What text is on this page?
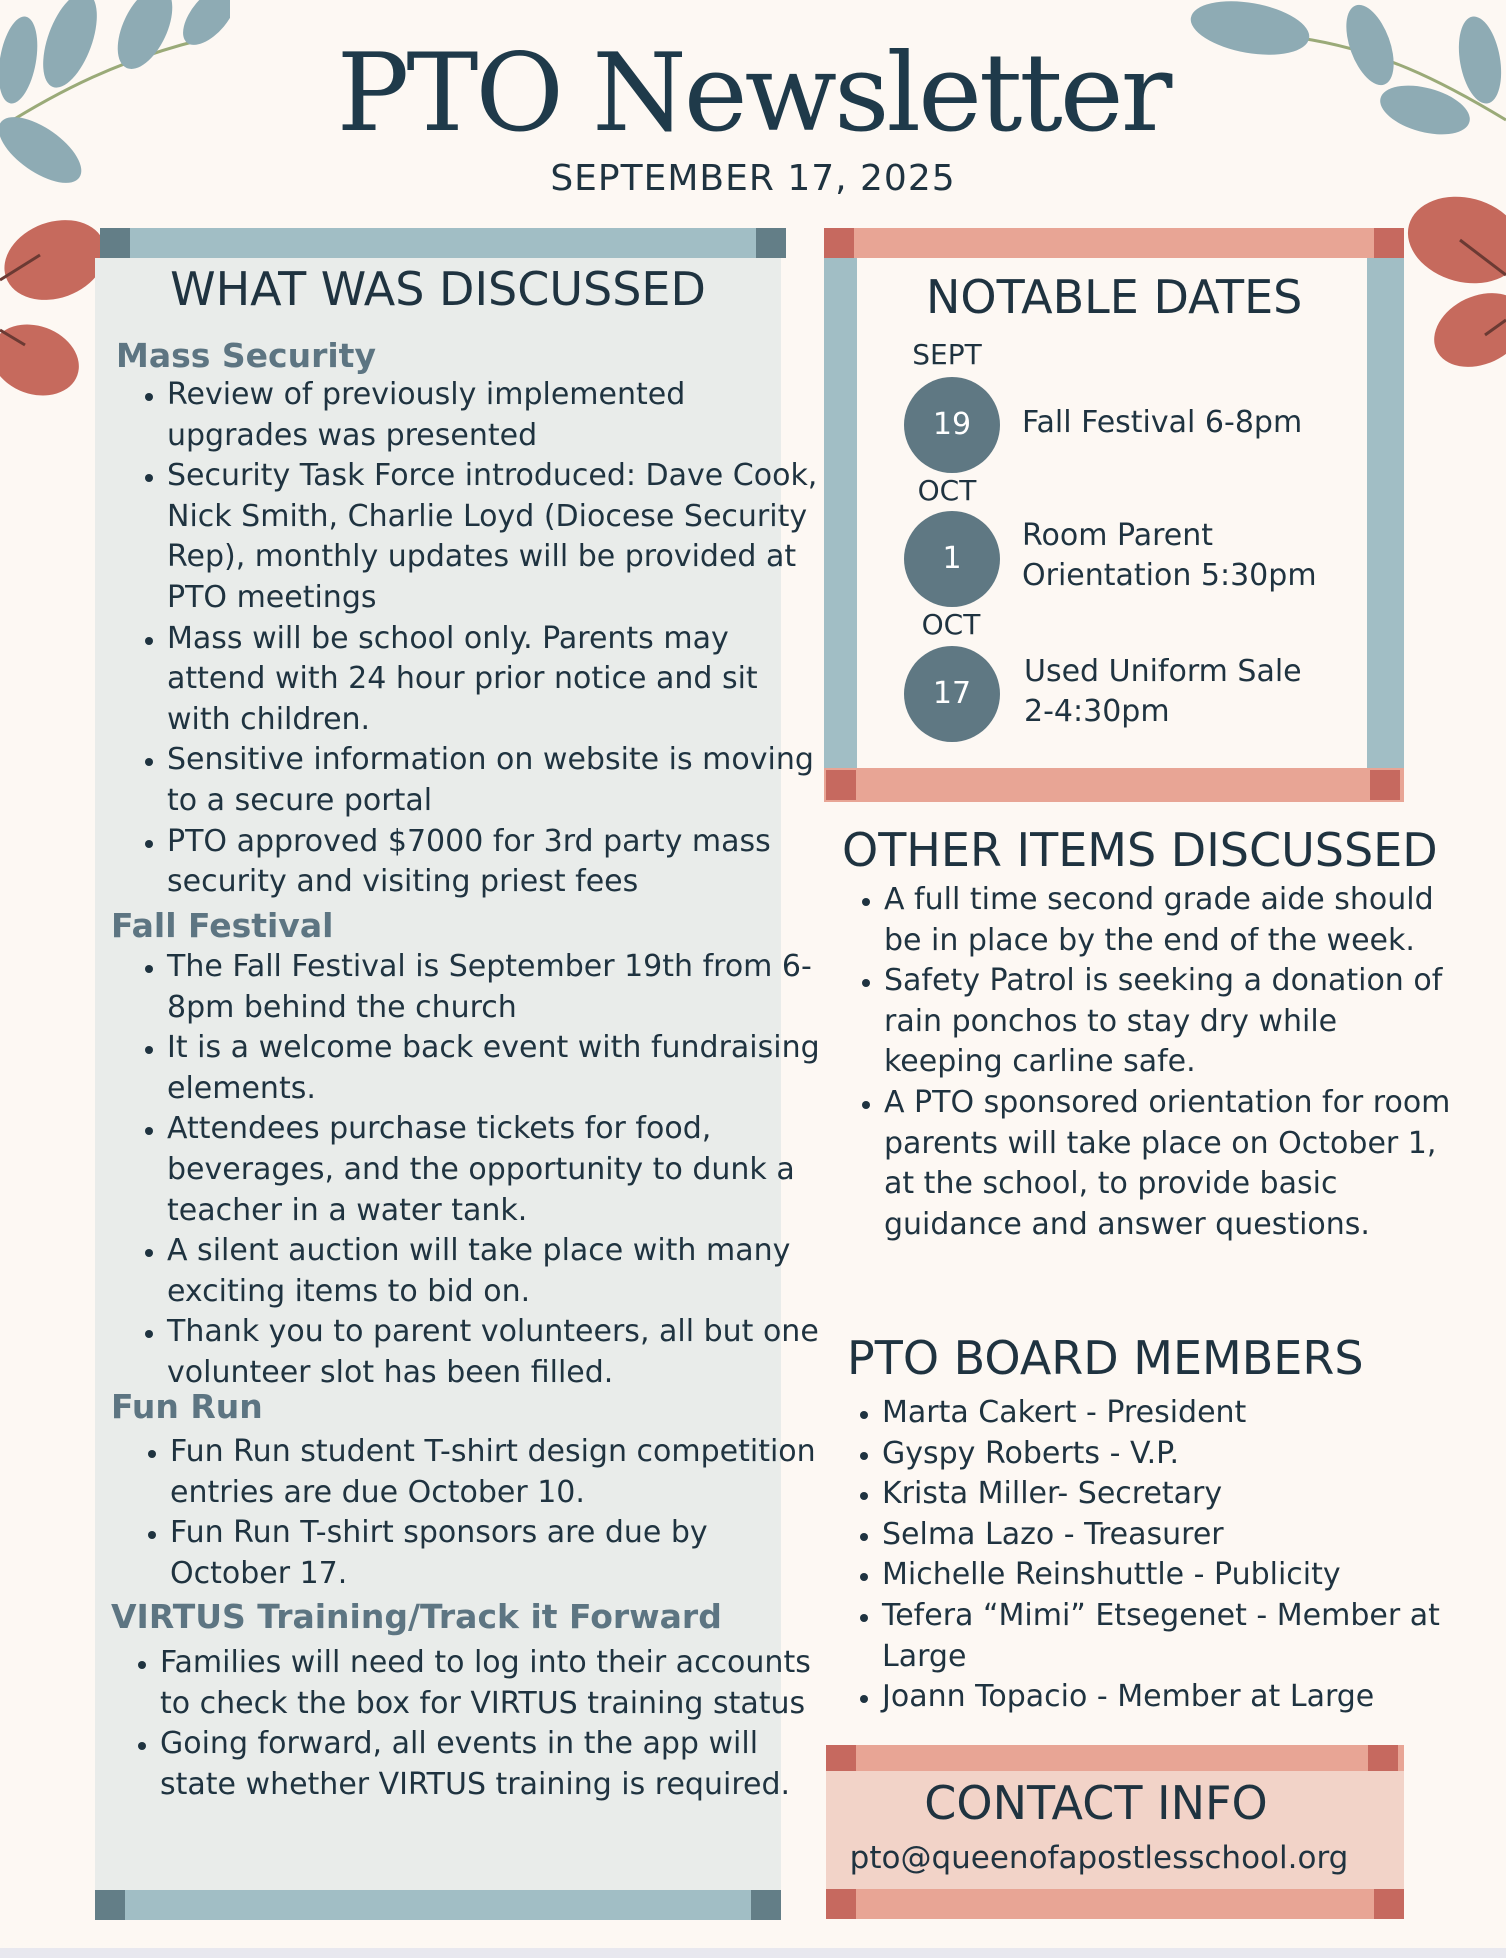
PTO Newsletter
SEPTEMBER 17, 2025
WHAT WAS DISCUSSED
Mass Security
• Review of previously implemented upgrades was presented
• Security Task Force introduced: Dave Cook, Nick Smith, Charlie Loyd (Diocese Security Rep), monthly updates will be provided at PTO meetings
• Mass will be school only. Parents may attend with 24 hour prior notice and sit with children.
• Sensitive information on website is moving to a secure portal
• PTO approved $7000 for 3rd party mass security and visiting priest fees
Fall Festival
• The Fall Festival is September 19th from 6-8pm behind the church
• It is a welcome back event with fundraising elements.
• Attendees purchase tickets for food, beverages, and the opportunity to dunk a teacher in a water tank.
• A silent auction will take place with many exciting items to bid on.
• Thank you to parent volunteers, all but one volunteer slot has been filled.
Fun Run
• Fun Run student T-shirt design competition entries are due October 10.
• Fun Run T-shirt sponsors are due by October 17.
VIRTUS Training/Track it Forward
• Families will need to log into their accounts to check the box for VIRTUS training status
• Going forward, all events in the app will state whether VIRTUS training is required.
NOTABLE DATES
SEPT
19	Fall Festival 6-8pm
OCT
1
Room Parent
Orientation 5:30pm
OCT
17
Used Uniform Sale
2-4:30pm
OTHER ITEMS DISCUSSED
• A full time second grade aide should be in place by the end of the week.
• Safety Patrol is seeking a donation of rain ponchos to stay dry while keeping carline safe.
• A PTO sponsored orientation for room parents will take place on October 1, at the school, to provide basic guidance and answer questions.
PTO BOARD MEMBERS
• Marta Cakert - President
• Gyspy Roberts - V.P.
• Krista Miller- Secretary
• Selma Lazo - Treasurer
• Michelle Reinshuttle - Publicity
• Tefera “Mimi” Etsegenet - Member at Large
• Joann Topacio - Member at Large
CONTACT INFO
pto@queenofapostlesschool.org
